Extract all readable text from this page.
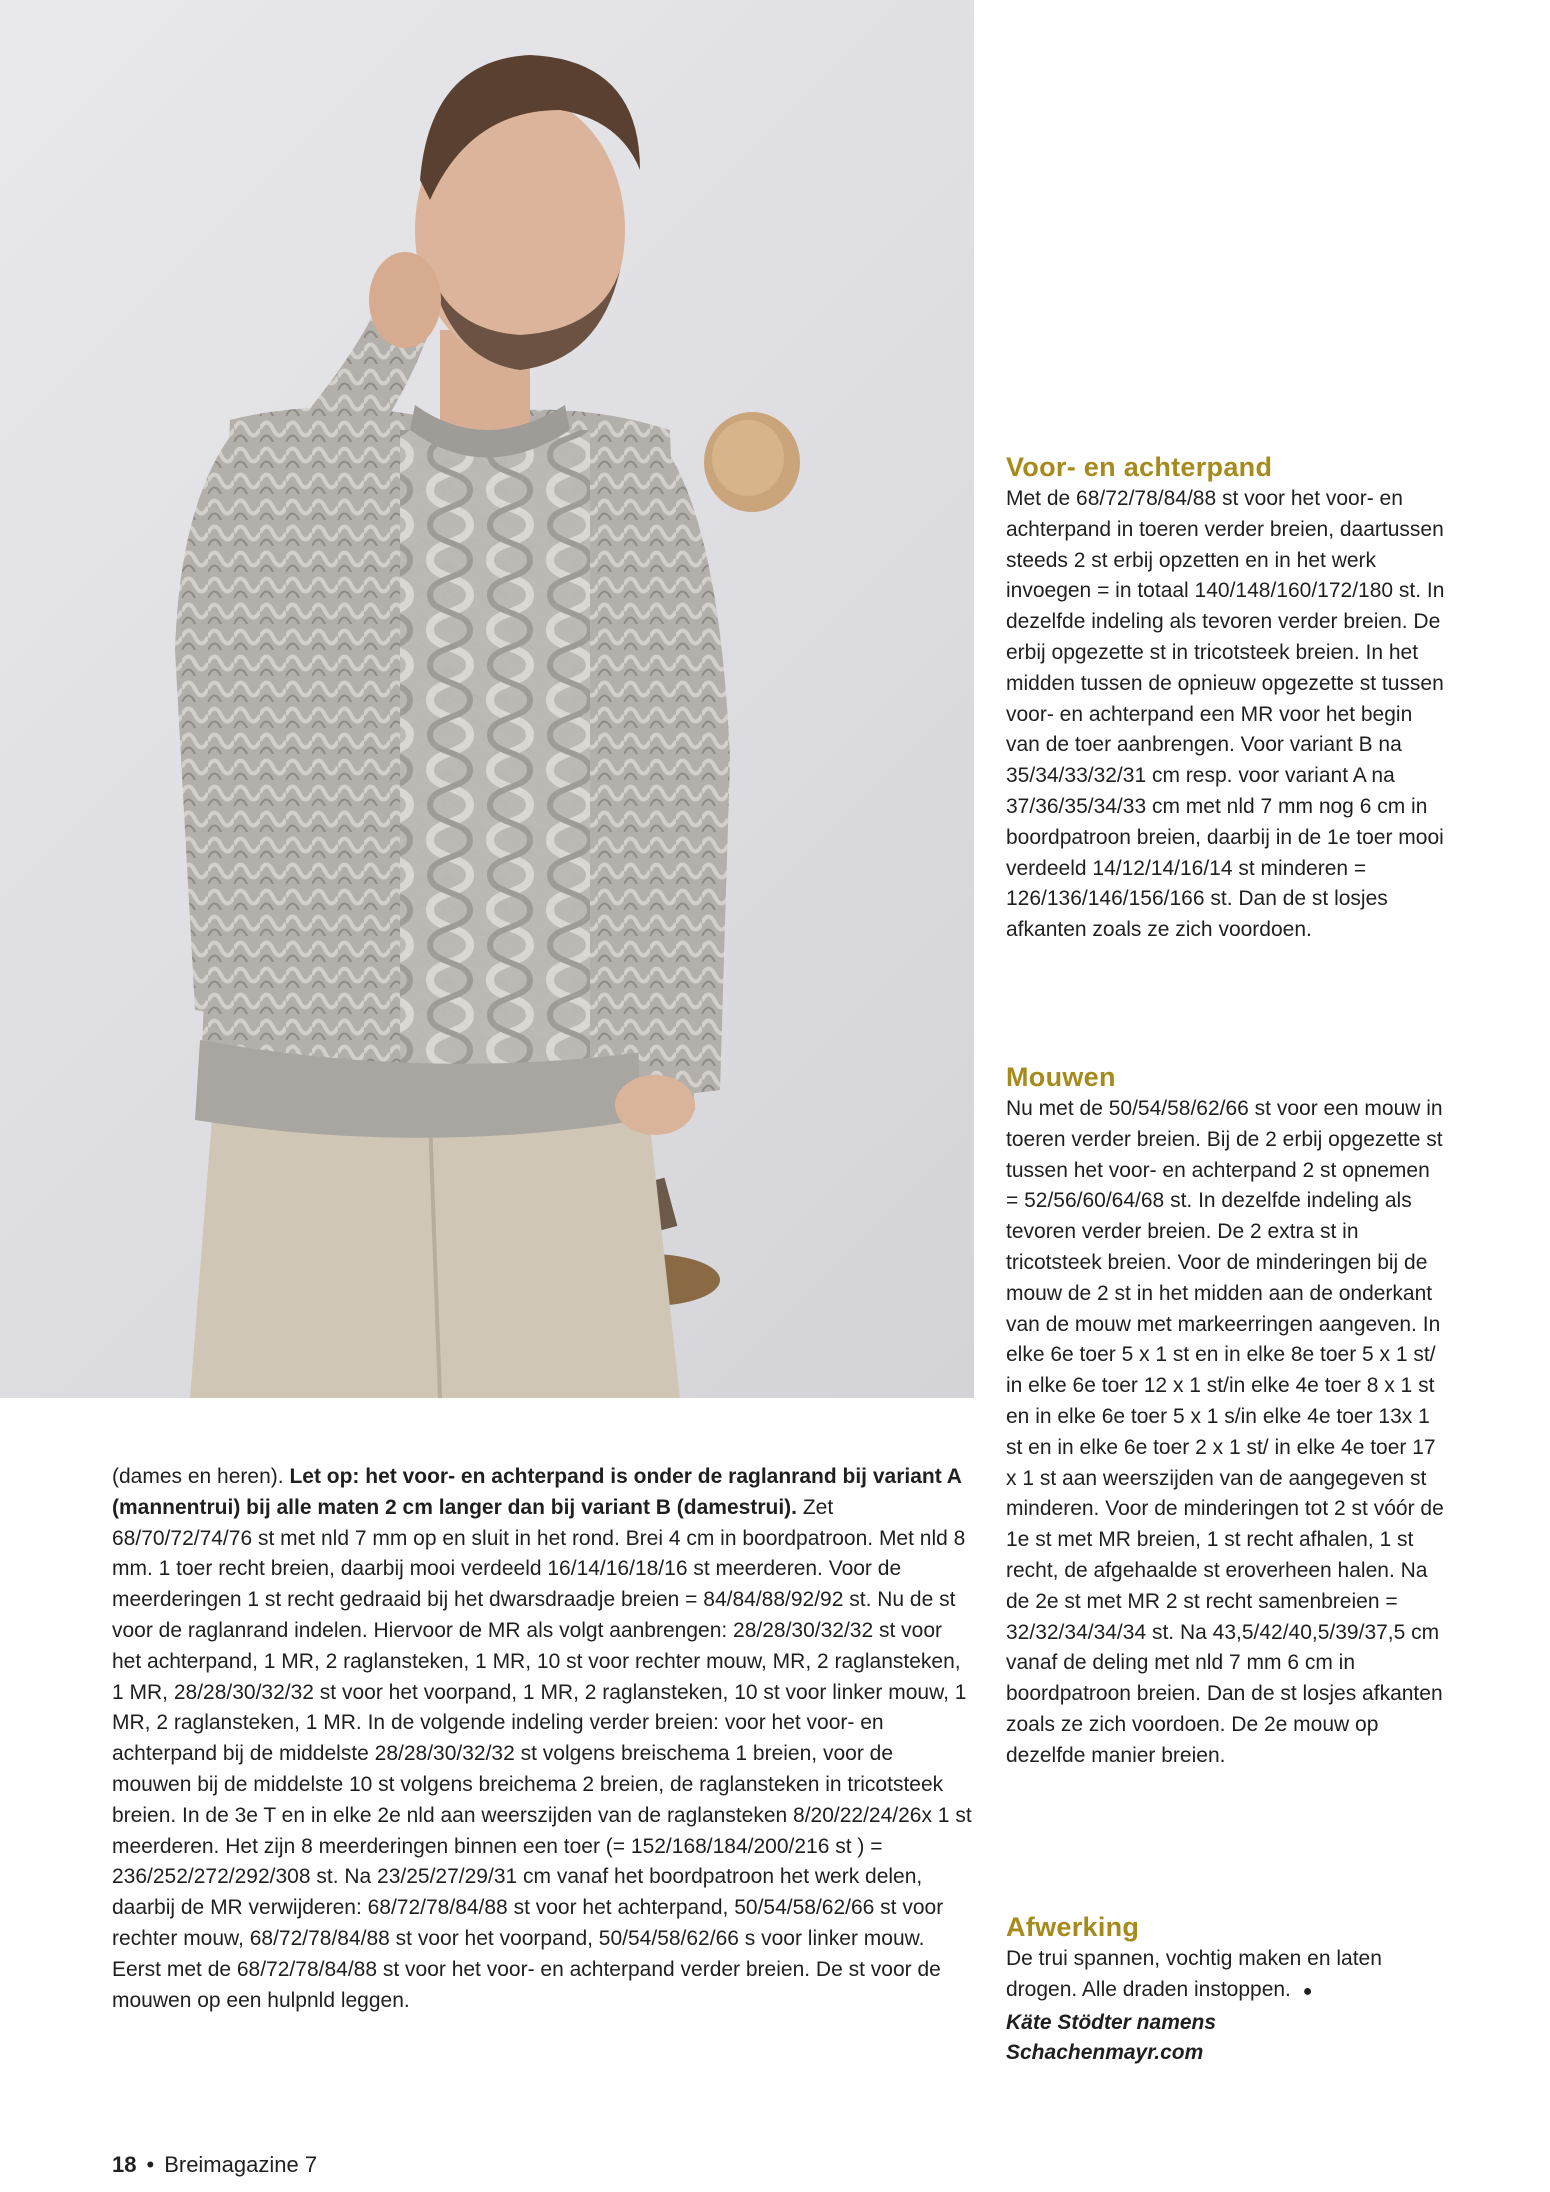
Voor- en achterpand

Met de 68/72/78/84/88 st voor het voor- en achterpand in toeren verder breien, daartussen steeds 2 st erbij opzetten en in het werk invoegen = in totaal 140/148/160/172/180 st. In dezelfde indeling als tevoren verder breien. De erbij opgezette st in tricotsteek breien. In het midden tussen de opnieuw opgezette st tussen voor- en achterpand een MR voor het begin van de toer aanbrengen. Voor variant B na 35/34/33/32/31 cm resp. voor variant A na 37/36/35/34/33 cm met nld 7 mm nog 6 cm in boordpatroon breien, daarbij in de 1e toer mooi verdeeld 14/12/14/16/14 st minderen = 126/136/146/156/166 st. Dan de st losjes afkanten zoals ze zich voordoen.

Mouwen

Nu met de 50/54/58/62/66 st voor een mouw in toeren verder breien. Bij de 2 erbij opgezette st tussen het voor- en achterpand 2 st opnemen = 52/56/60/64/68 st. In dezelfde indeling als tevoren verder breien. De 2 extra st in tricotsteek breien. Voor de minderingen bij de mouw de 2 st in het midden aan de onderkant van de mouw met markeerringen aangeven. In elke 6e toer 5 x 1 st en in elke 8e toer 5 x 1 st/ in elke 6e toer 12 x 1 st/in elke 4e toer 8 x 1 st en in elke 6e toer 5 x 1 s/in elke 4e toer 13x 1 st en in elke 6e toer 2 x 1 st/ in elke 4e toer 17 x 1 st aan weerszijden van de aangegeven st minderen. Voor de minderingen tot 2 st vóór de 1e st met MR breien, 1 st recht afhalen, 1 st recht, de afgehaalde st eroverheen halen. Na de 2e st met MR 2 st recht samenbreien = 32/32/34/34/34 st. Na 43,5/42/40,5/39/37,5 cm vanaf de deling met nld 7 mm 6 cm in boordpatroon breien. Dan de st losjes afkanten zoals ze zich voordoen. De 2e mouw op dezelfde manier breien.

Afwerking

De trui spannen, vochtig maken en laten drogen. Alle draden instoppen. ●
Käte Stödter namens
Schachenmayr.com

(dames en heren). Let op: het voor- en achterpand is onder de raglanrand bij variant A (mannentrui) bij alle maten 2 cm langer dan bij variant B (damestrui). Zet 68/70/72/74/76 st met nld 7 mm op en sluit in het rond. Brei 4 cm in boordpatroon. Met nld 8 mm. 1 toer recht breien, daarbij mooi verdeeld 16/14/16/18/16 st meerderen. Voor de meerderingen 1 st recht gedraaid bij het dwarsdraadje breien = 84/84/88/92/92 st. Nu de st voor de raglanrand indelen. Hiervoor de MR als volgt aanbrengen: 28/28/30/32/32 st voor het achterpand, 1 MR, 2 raglansteken, 1 MR, 10 st voor rechter mouw, MR, 2 raglansteken, 1 MR, 28/28/30/32/32 st voor het voorpand, 1 MR, 2 raglansteken, 10 st voor linker mouw, 1 MR, 2 raglansteken, 1 MR. In de volgende indeling verder breien: voor het voor- en achterpand bij de middelste 28/28/30/32/32 st volgens breischema 1 breien, voor de mouwen bij de middelste 10 st volgens breichema 2 breien, de raglansteken in tricotsteek breien. In de 3e T en in elke 2e nld aan weerszijden van de raglansteken 8/20/22/24/26x 1 st meerderen. Het zijn 8 meerderingen binnen een toer (= 152/168/184/200/216 st ) = 236/252/272/292/308 st. Na 23/25/27/29/31 cm vanaf het boordpatroon het werk delen, daarbij de MR verwijderen: 68/72/78/84/88 st voor het achterpand, 50/54/58/62/66 st voor rechter mouw, 68/72/78/84/88 st voor het voorpand, 50/54/58/62/66 s voor linker mouw. Eerst met de 68/72/78/84/88 st voor het voor- en achterpand verder breien. De st voor de mouwen op een hulpnld leggen.

18 • Breimagazine 7
